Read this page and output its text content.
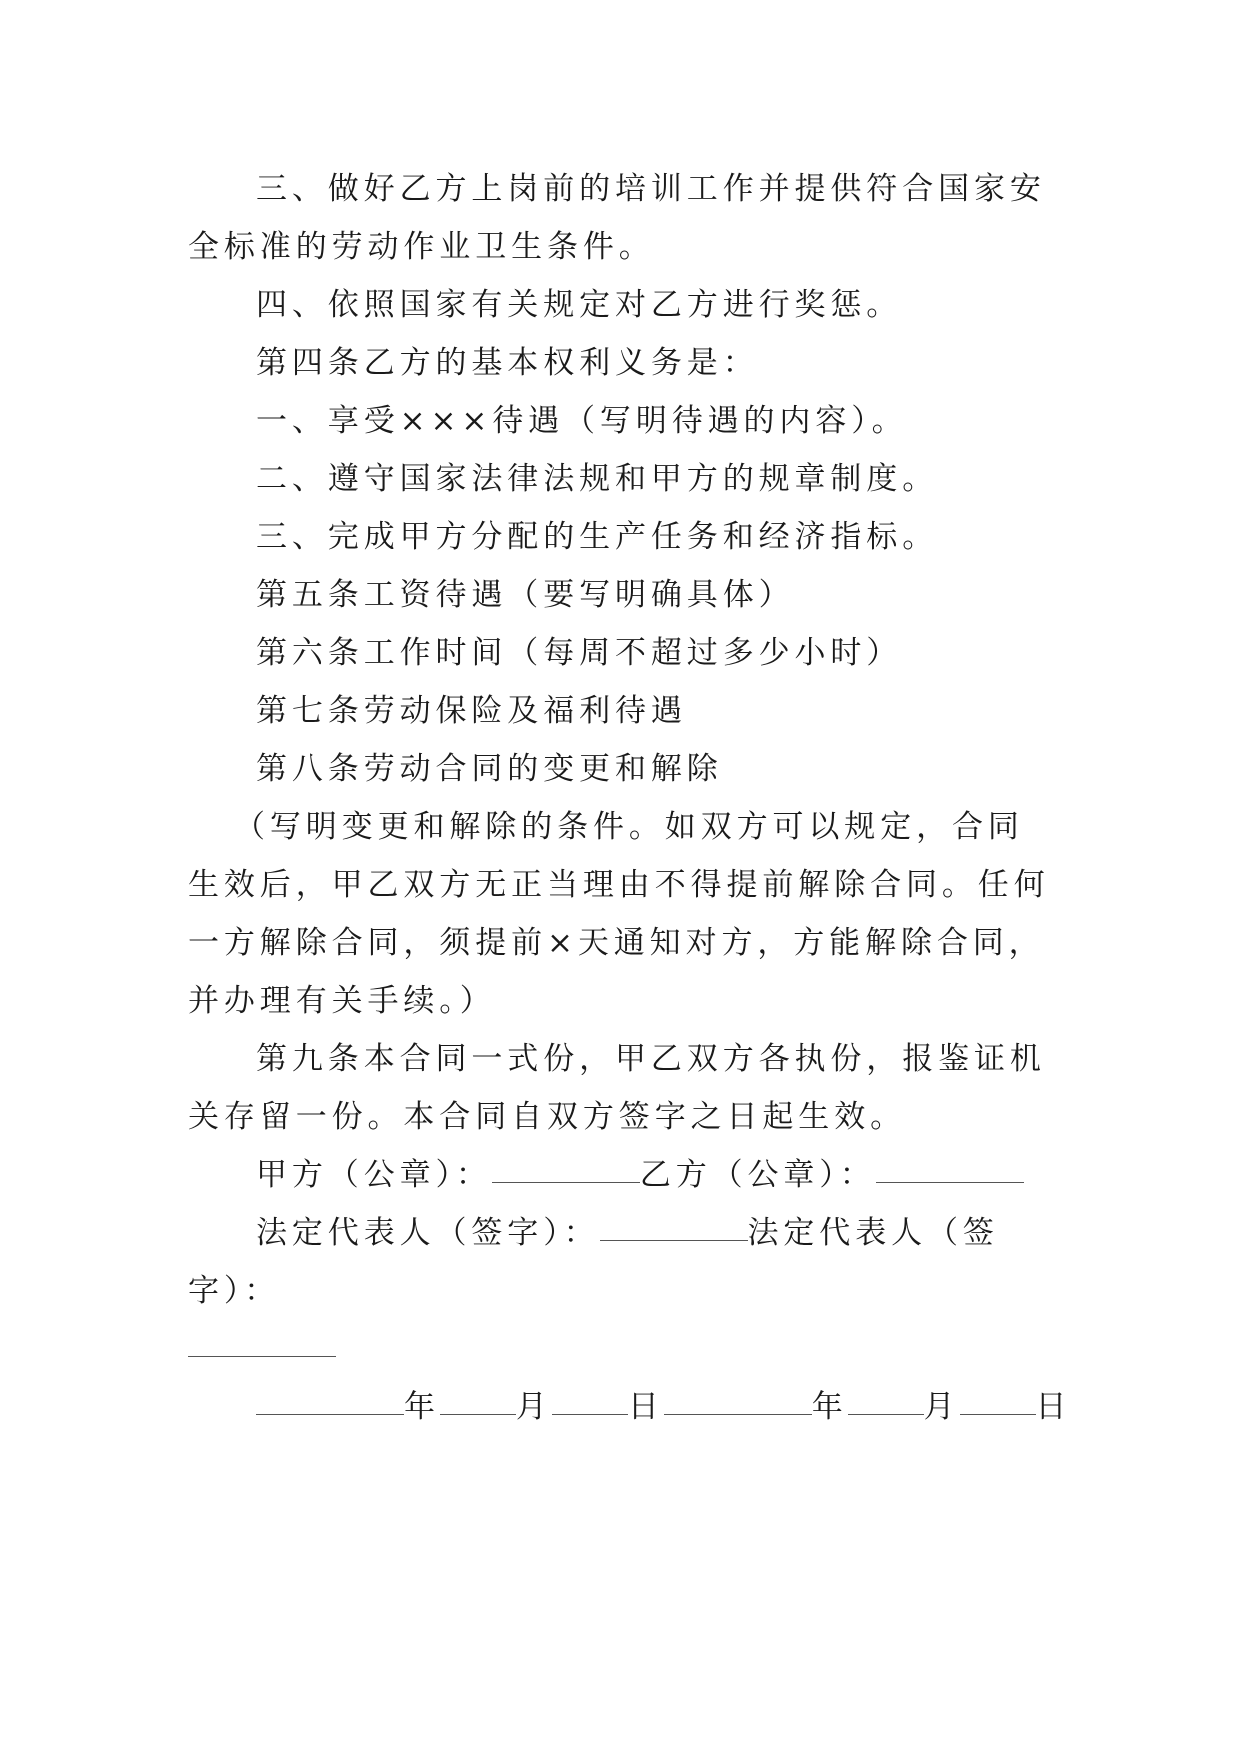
三、做好乙方上岗前的培训工作并提供符合国家安全标准的劳动作业卫生条件。

四、依照国家有关规定对乙方进行奖惩。

第四条乙方的基本权利义务是：

一、享受×××待遇（写明待遇的内容）。

二、遵守国家法律法规和甲方的规章制度。

三、完成甲方分配的生产任务和经济指标。

第五条工资待遇（要写明确具体）

第六条工作时间（每周不超过多少小时）

第七条劳动保险及福利待遇

第八条劳动合同的变更和解除

（写明变更和解除的条件。如双方可以规定，合同生效后，甲乙双方无正当理由不得提前解除合同。任何一方解除合同，须提前×天通知对方，方能解除合同，并办理有关手续。）

第九条本合同一式份，甲乙双方各执份，报鉴证机关存留一份。本合同自双方签字之日起生效。

甲方（公章）：	乙方（公章）：

法定代表人（签字）：	法定代表人（签字）：

年 月 日	年 月 日
